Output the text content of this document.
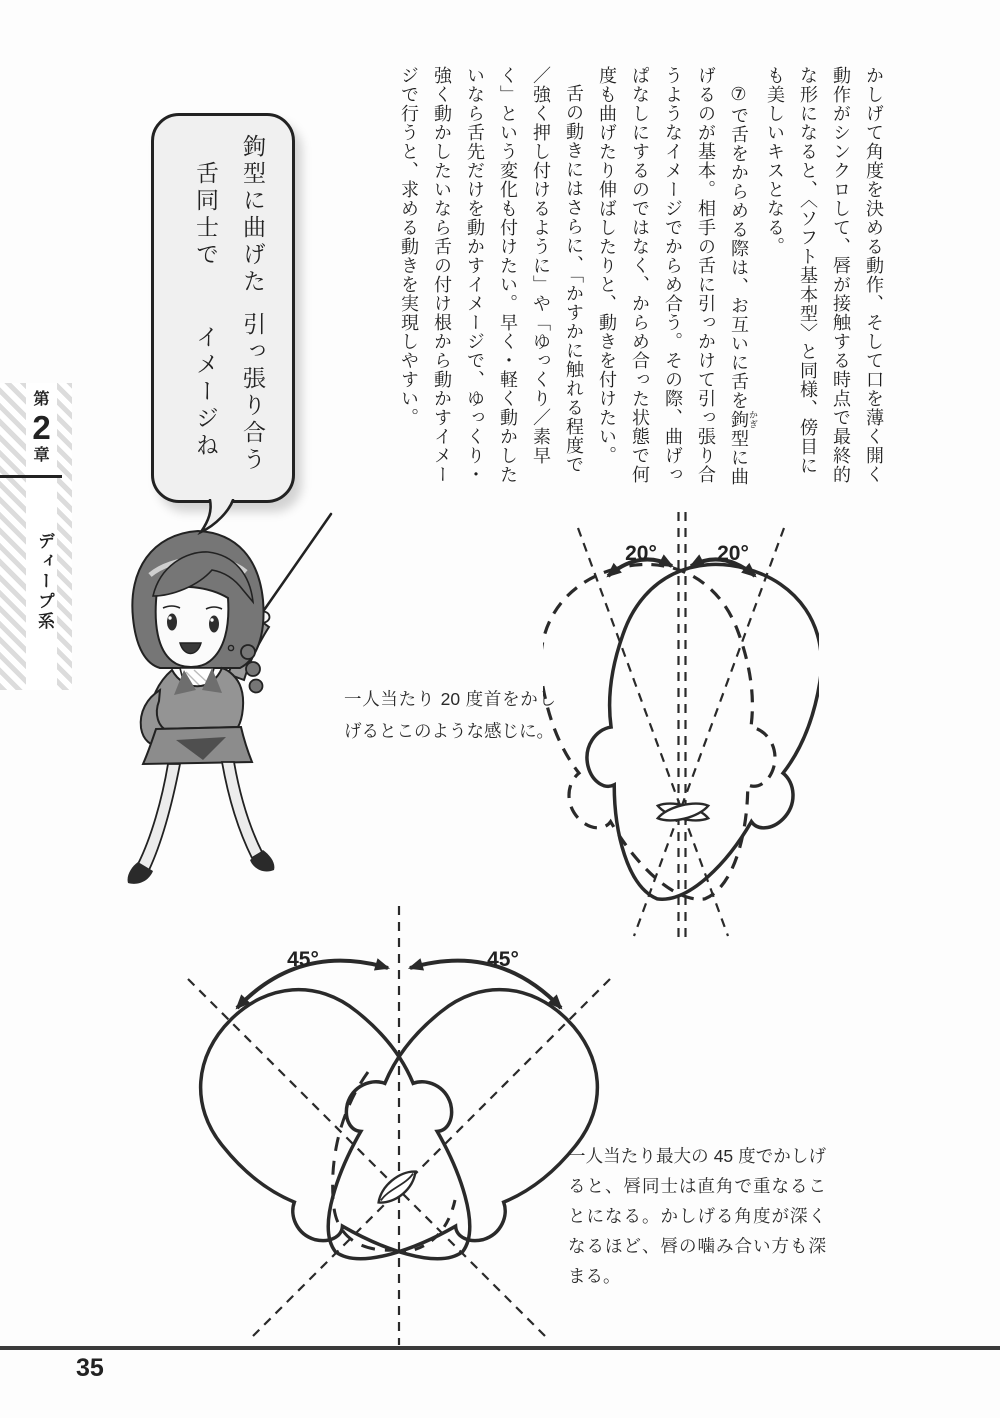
かしげて角度を決める動作、そして口を薄く開く動作がシンクロして、唇が接触する時点で最終的な形になると、〈ソフト基本型〉と同様、傍目にも美しいキスとなる。

⑦で舌をからめる際は、お互いに舌を鉤 かぎ型に曲げるのが基本。相手の舌に引っかけて引っ張り合うようなイメージでからめ合う。その際、曲げっぱなしにするのではなく、からめ合った状態で何度も曲げたり伸ばしたりと、動きを付けたい。

舌の動きにはさらに、「かすかに触れる程度で／強く押し付けるように」や「ゆっくり／素早く」という変化も付けたい。早く・軽く動かしたいなら舌先だけを動かすイメージで、ゆっくり・強く動かしたいなら舌の付け根から動かすイメージで行うと、求める動きを実現しやすい。

鉤型に曲げた舌同士で

引っ張り合うイメージね

第
2
章
ディープ系	20°	20°
一人当たり 20 度首をかしげるとこのような感じに。
45°	45°
一人当たり最大の 45 度でかしげると、唇同士は直角で重なることになる。かしげる角度が深くなるほど、唇の噛み合い方も深まる。
35
